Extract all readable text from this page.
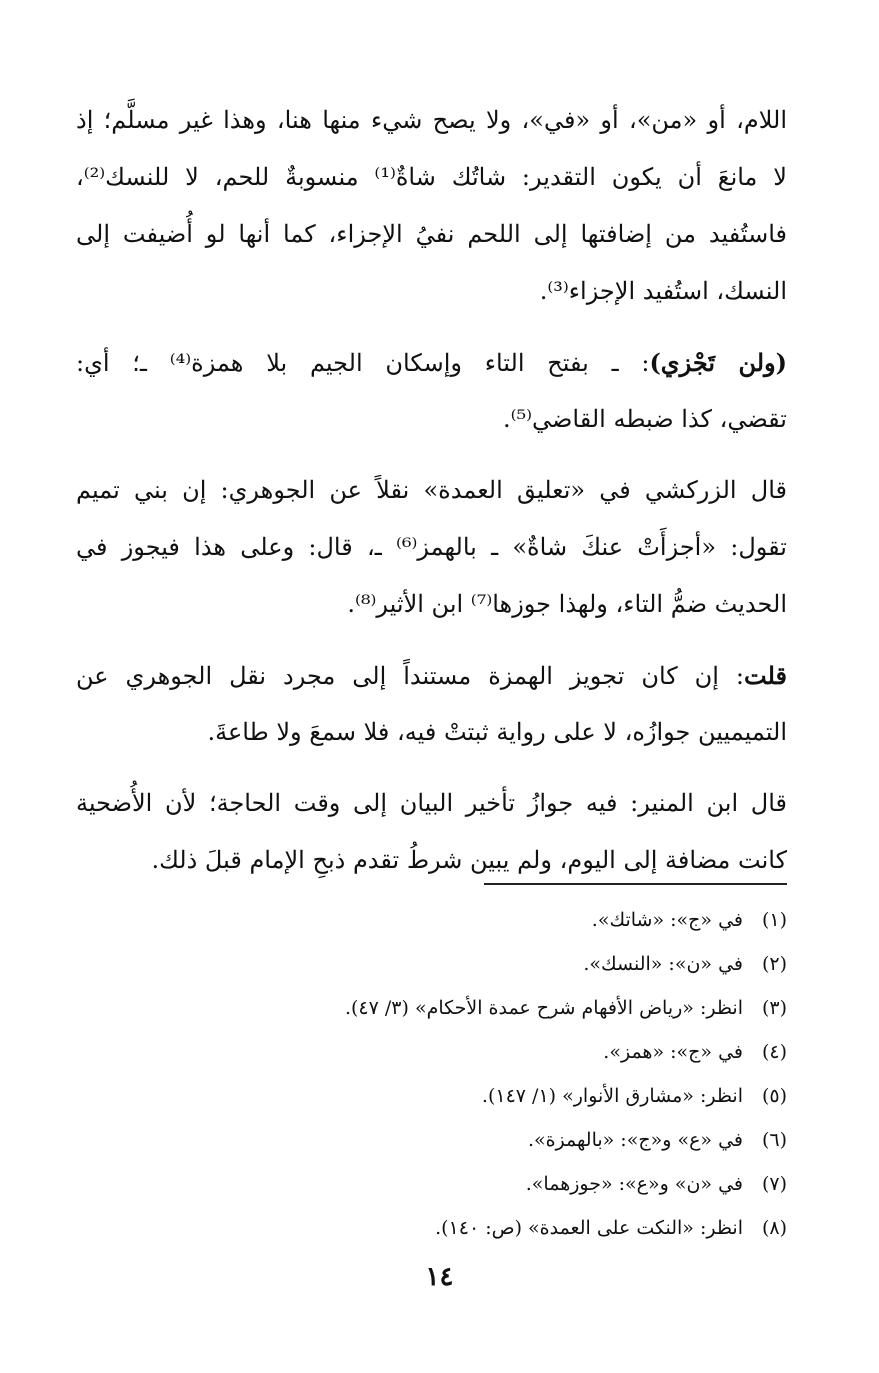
اللام، أو «من»، أو «في»، ولا يصح شيء منها هنا، وهذا غير مسلَّم؛ إذ
لا مانعَ أن يكون التقدير: شاتُك شاةٌ⁽¹⁾ منسوبةٌ للحم، لا للنسك⁽²⁾،
فاستُفيد من إضافتها إلى اللحم نفيُ الإجزاء، كما أنها لو أُضيفت إلى
النسك، استُفيد الإجزاء⁽³⁾.
(ولن تَجْزي)‏: ـ بفتح التاء وإسكان الجيم بلا همزة⁽⁴⁾ ـ؛ أي:
تقضي، كذا ضبطه القاضي⁽⁵⁾.
قال الزركشي في «تعليق العمدة» نقلاً عن الجوهري: إن بني تميم
تقول: «أجزأَتْ عنكَ شاةٌ» ـ بالهمز⁽⁶⁾ ـ، قال: وعلى هذا فيجوز في
الحديث ضمُّ التاء، ولهذا جوزها⁽⁷⁾ ابن الأثير⁽⁸⁾.
قلت‏: إن كان تجويز الهمزة مستنداً إلى مجرد نقل الجوهري عن
التميميين جوازُه، لا على رواية ثبتتْ فيه، فلا سمعَ ولا طاعةَ.
قال ابن المنير: فيه جوازُ تأخير البيان إلى وقت الحاجة؛ لأن الأُضحية
كانت مضافة إلى اليوم، ولم يبين شرطُ تقدم ذبحِ الإمام قبلَ ذلك.
(١)في «ج»: «شاتك».
(٢)في «ن»: «النسك».
(٣)انظر: «رياض الأفهام شرح عمدة الأحكام» (٣/ ٤٧).
(٤)في «ج»: «همز».
(٥)انظر: «مشارق الأنوار» (١/ ١٤٧).
(٦)في «ع» و«ج»: «بالهمزة».
(٧)في «ن» و«ع»: «جوزهما».
(٨)انظر: «النكت على العمدة» (ص: ١٤٠).
١٤
